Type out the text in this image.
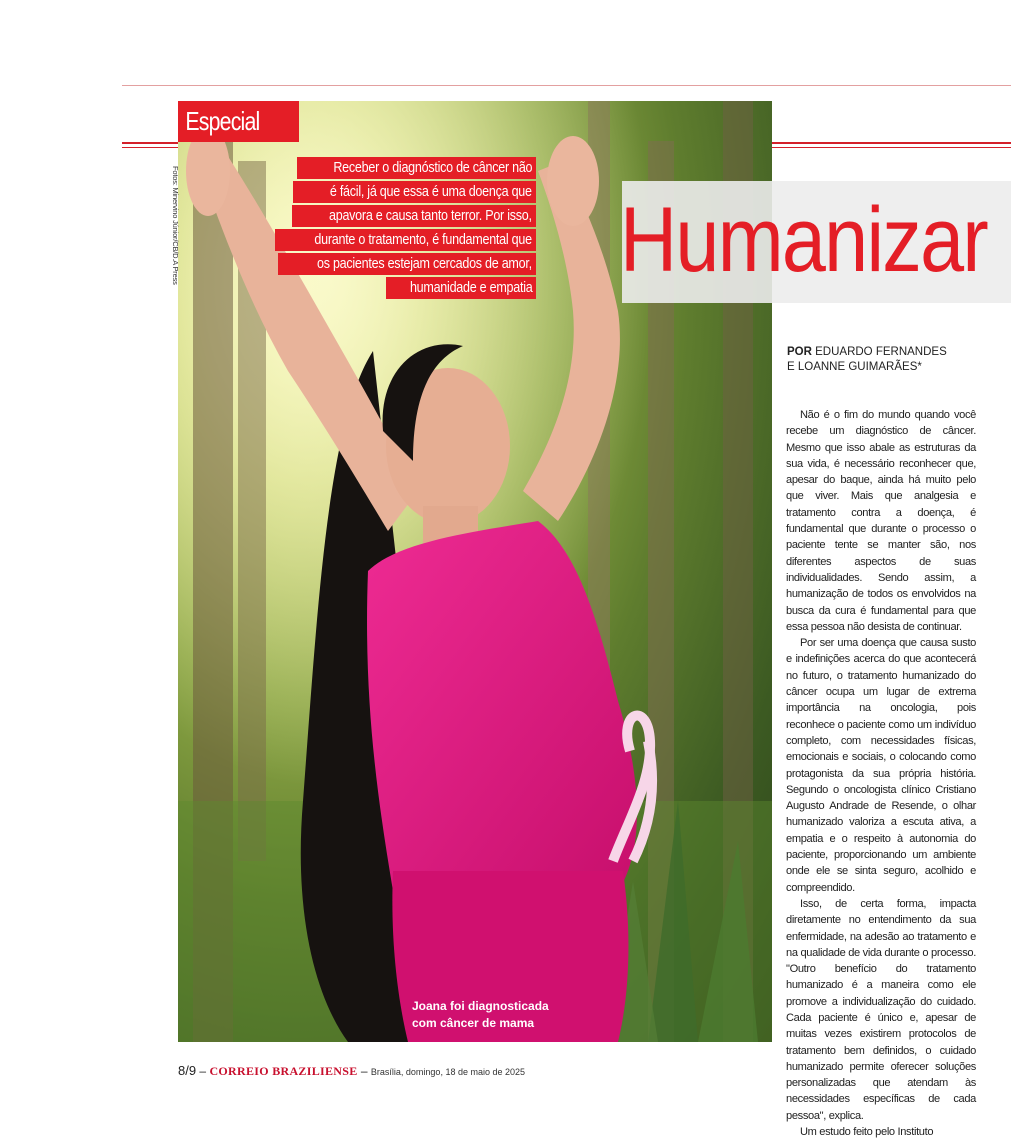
Fotos: Minervino Júnior/CB/D.A Press
Especial
Receber o diagnóstico de câncer não
é fácil, já que essa é uma doença que
apavora e causa tanto terror. Por isso,
durante o tratamento, é fundamental que
os pacientes estejam cercados de amor,
humanidade e empatia Humanizar
POR EDUARDO FERNANDES
E LOANNE GUIMARÃES*

Não é o fim do mundo quando você recebe um diagnóstico de câncer. Mesmo que isso abale as estruturas da sua vida, é necessário reconhecer que, apesar do baque, ainda há muito pelo que viver. Mais que analgesia e tratamento contra a doença, é fundamental que durante o processo o paciente tente se manter são, nos diferentes aspectos de suas individualidades. Sendo assim, a humanização de todos os envolvidos na busca da cura é fundamental para que essa pessoa não desista de continuar.

Por ser uma doença que causa susto e indefinições acerca do que acontecerá no futuro, o tratamento humanizado do câncer ocupa um lugar de extrema importância na oncologia, pois reconhece o paciente como um indivíduo completo, com necessidades físicas, emocionais e sociais, o colocando como protagonista da sua própria história. Segundo o oncologista clínico Cristiano Augusto Andrade de Resende, o olhar humanizado valoriza a escuta ativa, a empatia e o respeito à autonomia do paciente, proporcionando um ambiente onde ele se sinta seguro, acolhido e compreendido.

Isso, de certa forma, impacta diretamente no entendimento da sua enfermidade, na adesão ao tratamento e na qualidade de vida durante o processo. "Outro benefício do tratamento humanizado é a maneira como ele promove a individualização do cuidado. Cada paciente é único e, apesar de muitas vezes existirem protocolos de tratamento bem definidos, o cuidado humanizado permite oferecer soluções personalizadas que atendam às necessidades específicas de cada pessoa", explica.

Um estudo feito pelo Instituto

Joana foi diagnosticada
com câncer de mama
8/9 – CORREIO BRAZILIENSE – Brasília, domingo, 18 de maio de 2025
